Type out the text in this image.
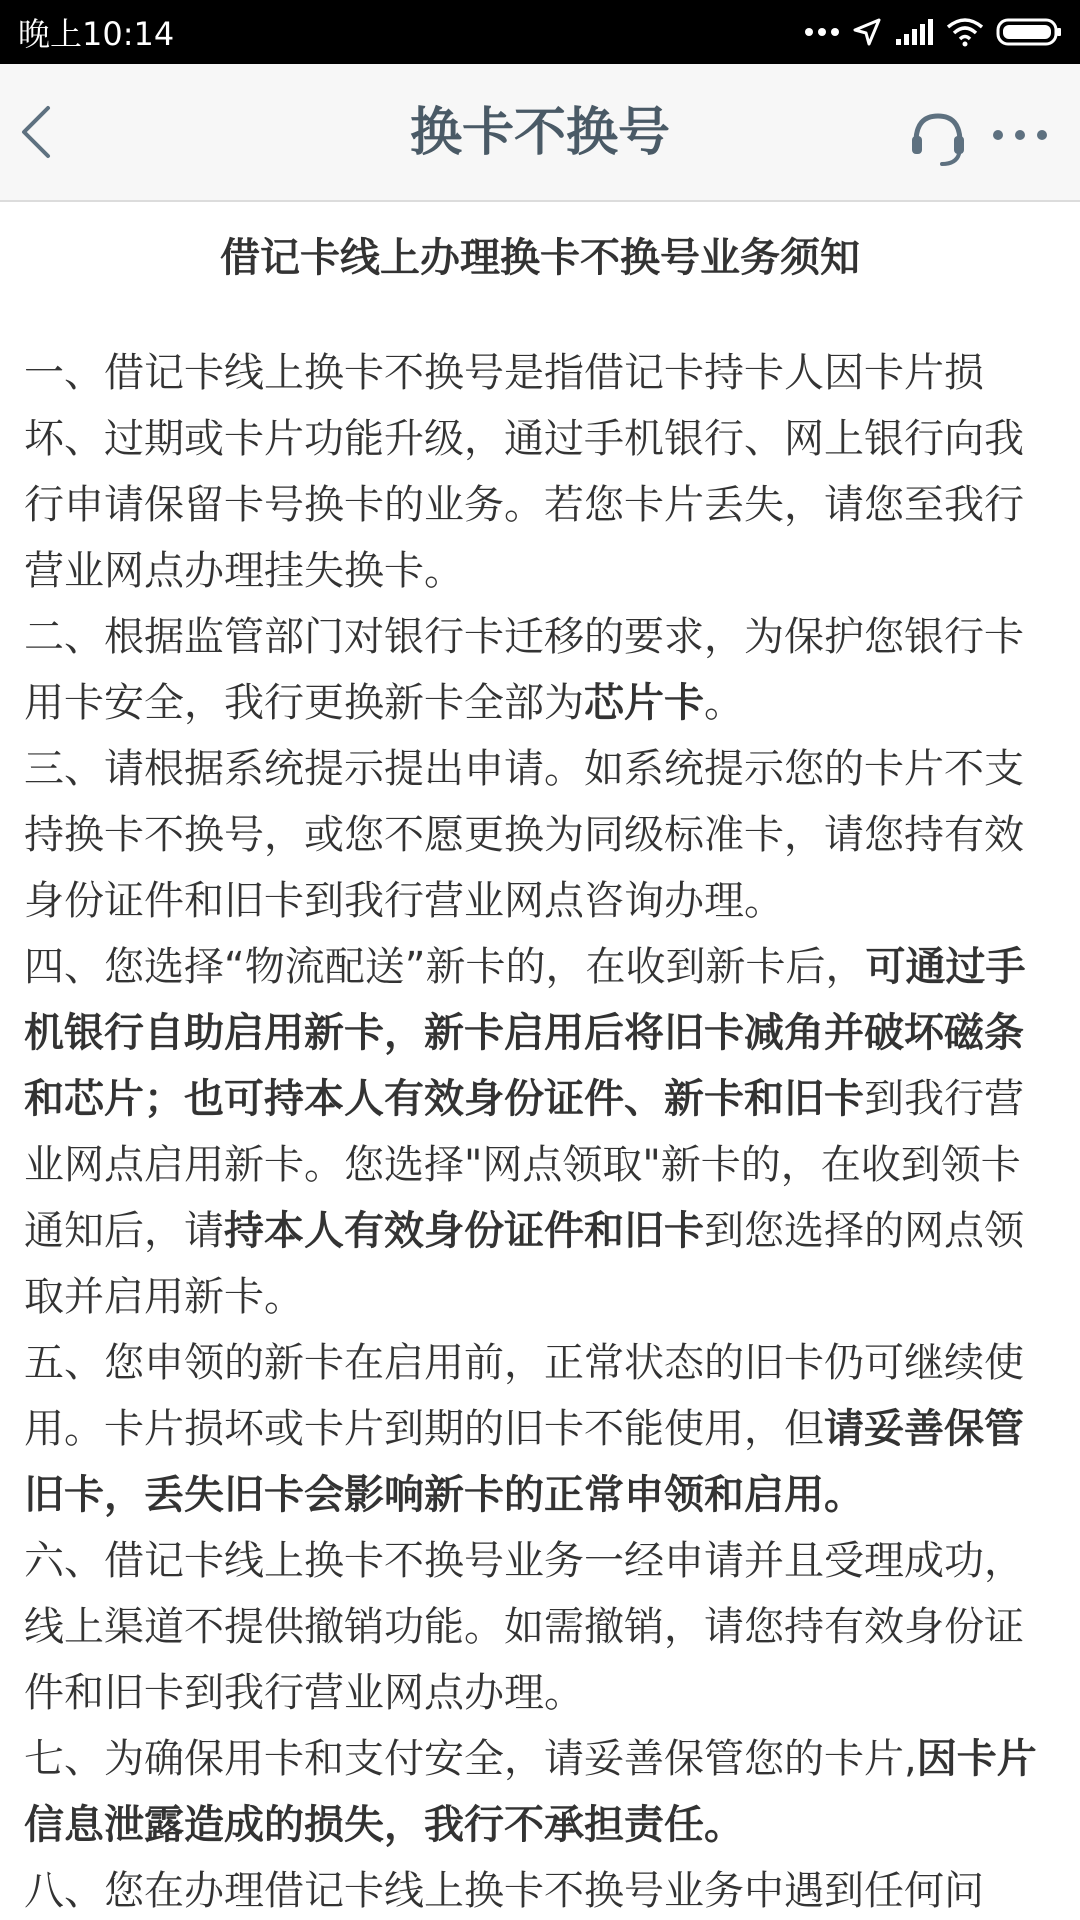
晚上10:14
换卡不换号
借记卡线上办理换卡不换号业务须知

一、借记卡线上换卡不换号是指借记卡持卡人因卡片损坏、过期或卡片功能升级，通过手机银行、网上银行向我行申请保留卡号换卡的业务。若您卡片丢失，请您至我行营业网点办理挂失换卡。

二、根据监管部门对银行卡迁移的要求，为保护您银行卡用卡安全，我行更换新卡全部为芯片卡。

三、请根据系统提示提出申请。如系统提示您的卡片不支持换卡不换号，或您不愿更换为同级标准卡，请您持有效身份证件和旧卡到我行营业网点咨询办理。

四、您选择“物流配送”新卡的，在收到新卡后，可通过手机银行自助启用新卡，新卡启用后将旧卡减角并破坏磁条和芯片；也可持本人有效身份证件、新卡和旧卡到我行营业网点启用新卡。您选择"网点领取"新卡的，在收到领卡通知后，请持本人有效身份证件和旧卡到您选择的网点领取并启用新卡。

五、您申领的新卡在启用前，正常状态的旧卡仍可继续使用。卡片损坏或卡片到期的旧卡不能使用，但请妥善保管旧卡，丢失旧卡会影响新卡的正常申领和启用。

六、借记卡线上换卡不换号业务一经申请并且受理成功，线上渠道不提供撤销功能。如需撤销，请您持有效身份证件和旧卡到我行营业网点办理。

七、为确保用卡和支付安全，请妥善保管您的卡片,因卡片信息泄露造成的损失，我行不承担责任。

八、您在办理借记卡线上换卡不换号业务中遇到任何问
